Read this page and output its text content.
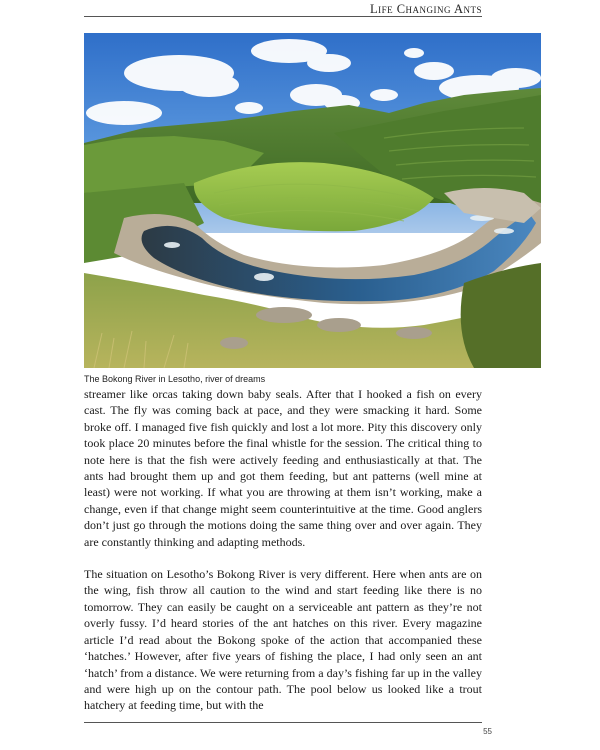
Life Changing Ants
The Bokong River in Lesotho, river of dreams

streamer like orcas taking down baby seals. After that I hooked a fish on every cast. The fly was coming back at pace, and they were smacking it hard. Some broke off. I managed five fish quickly and lost a lot more. Pity this discovery only took place 20 minutes before the final whistle for the session. The critical thing to note here is that the fish were actively feeding and enthusiastically at that. The ants had brought them up and got them feeding, but ant patterns (well mine at least) were not working. If what you are throwing at them isn’t working, make a change, even if that change might seem counterintuitive at the time. Good anglers don’t just go through the motions doing the same thing over and over again. They are constantly thinking and adapting methods.

The situation on Lesotho’s Bokong River is very different. Here when ants are on the wing, fish throw all caution to the wind and start feeding like there is no tomorrow. They can easily be caught on a serviceable ant pattern as they’re not overly fussy. I’d heard stories of the ant hatches on this river. Every magazine article I’d read about the Bokong spoke of the action that accompanied these ‘hatches.’ However, after five years of fishing the place, I had only seen an ant ‘hatch’ from a distance. We were returning from a day’s fishing far up in the valley and were high up on the contour path. The pool below us looked like a trout hatchery at feeding time, but with the

55
